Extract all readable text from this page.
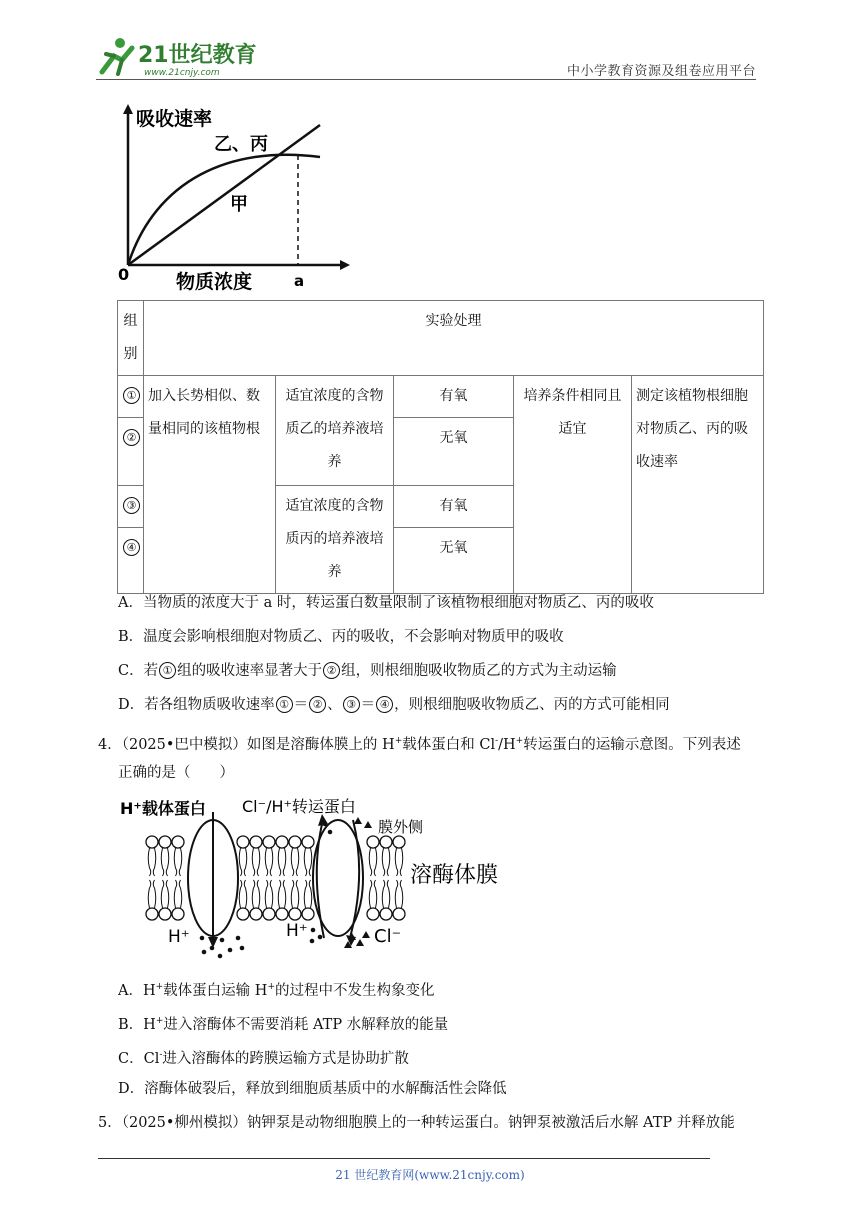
21世纪教育
www.21cnjy.com	中小学教育资源及组卷应用平台
吸收速率
物质浓度
0	a
乙、丙
甲
组别	实验处理				
①	加入长势相似、数量相同的该植物根	适宜浓度的含物质乙的培养液培养	有氧	培养条件相同且适宜	测定该植物根细胞对物质乙、丙的吸收速率
②			无氧		
③		适宜浓度的含物质丙的培养液培养	有氧		
④			无氧		
A．当物质的浓度大于 a 时，转运蛋白数量限制了该植物根细胞对物质乙、丙的吸收
B．温度会影响根细胞对物质乙、丙的吸收，不会影响对物质甲的吸收
C．若 ① 组的吸收速率显著大于 ② 组，则根细胞吸收物质乙的方式为主动运输
D．若各组物质吸收速率 ① ＝ ② 、 ③ ＝ ④ ，则根细胞吸收物质乙、丙的方式可能相同
4．（2025•巴中模拟）如图是溶酶体膜上的 H+载体蛋白和 Cl-/H+转运蛋白的运输示意图。下列表述
正确的是（　　）
H⁺载体蛋白 Cl⁻/H⁺转运蛋白
膜外侧
溶酶体膜
H⁺	H⁺	Cl⁻
A．H+载体蛋白运输 H+的过程中不发生构象变化
B．H+进入溶酶体不需要消耗 ATP 水解释放的能量
C．Cl-进入溶酶体的跨膜运输方式是协助扩散
D．溶酶体破裂后，释放到细胞质基质中的水解酶活性会降低
5．（2025•柳州模拟）钠钾泵是动物细胞膜上的一种转运蛋白。钠钾泵被激活后水解 ATP 并释放能
21 世纪教育网(www.21cnjy.com)
